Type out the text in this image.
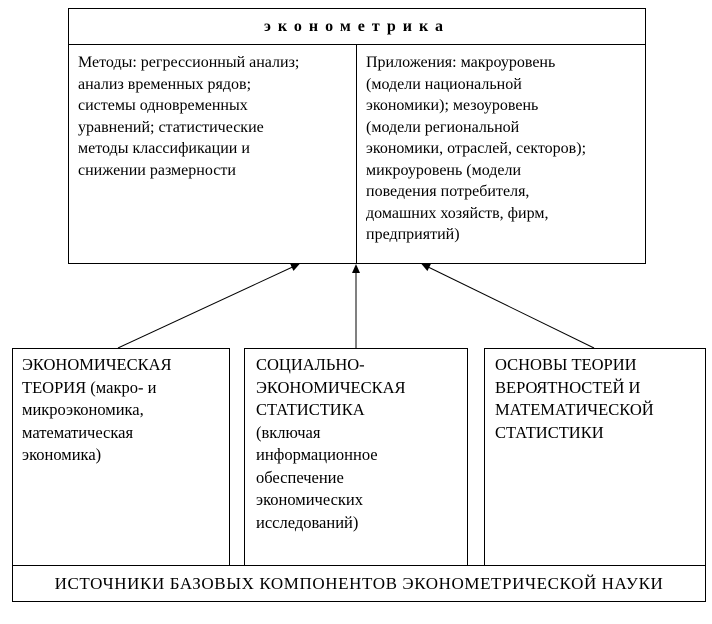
эконометрика
Методы: регрессионный анализ;
анализ временных рядов;
системы одновременных
уравнений; статистические
методы классификации и
снижении размерности
Приложения: макроуровень
(модели национальной
экономики); мезоуровень
(модели региональной
экономики, отраслей, секторов);
микроуровень (модели
поведения потребителя,
домашних хозяйств, фирм,
предприятий)
ЭКОНОМИЧЕСКАЯ
ТЕОРИЯ (макро- и
микроэкономика,
математическая
экономика)
СОЦИАЛЬНО-
ЭКОНОМИЧЕСКАЯ
СТАТИСТИКА
(включая
информационное
обеспечение
экономических
исследований)
ОСНОВЫ ТЕОРИИ
ВЕРОЯТНОСТЕЙ И
МАТЕМАТИЧЕСКОЙ
СТАТИСТИКИ
ИСТОЧНИКИ БАЗОВЫХ КОМПОНЕНТОВ ЭКОНОМЕТРИЧЕСКОЙ НАУКИ
